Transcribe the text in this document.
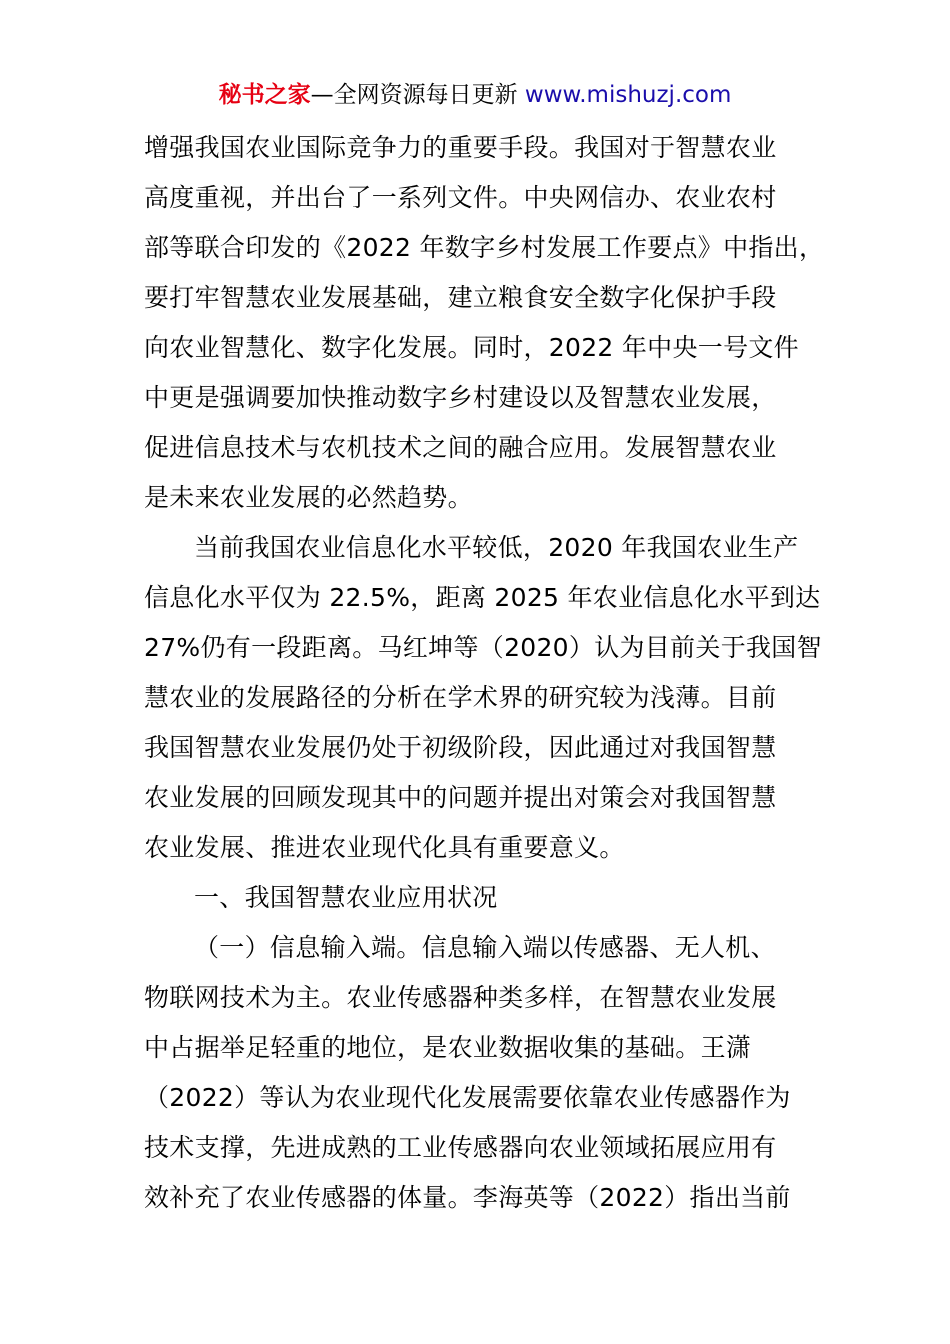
秘书之家—全网资源每日更新 www.mishuzj.com
增强我国农业国际竞争力的重要手段。我国对于智慧农业
高度重视，并出台了一系列文件。中央网信办、农业农村
部等联合印发的《2022 年数字乡村发展工作要点》中指出，
要打牢智慧农业发展基础，建立粮食安全数字化保护手段
向农业智慧化、数字化发展。同时，2022 年中央一号文件
中更是强调要加快推动数字乡村建设以及智慧农业发展，
促进信息技术与农机技术之间的融合应用。发展智慧农业
是未来农业发展的必然趋势。
当前我国农业信息化水平较低，2020 年我国农业生产
信息化水平仅为 22.5%，距离 2025 年农业信息化水平到达
27%仍有一段距离。马红坤等（2020）认为目前关于我国智
慧农业的发展路径的分析在学术界的研究较为浅薄。目前
我国智慧农业发展仍处于初级阶段，因此通过对我国智慧
农业发展的回顾发现其中的问题并提出对策会对我国智慧
农业发展、推进农业现代化具有重要意义。
一、我国智慧农业应用状况
（一）信息输入端。信息输入端以传感器、无人机、
物联网技术为主。农业传感器种类多样，在智慧农业发展
中占据举足轻重的地位，是农业数据收集的基础。王潇
（2022）等认为农业现代化发展需要依靠农业传感器作为
技术支撑，先进成熟的工业传感器向农业领域拓展应用有
效补充了农业传感器的体量。李海英等（2022）指出当前
